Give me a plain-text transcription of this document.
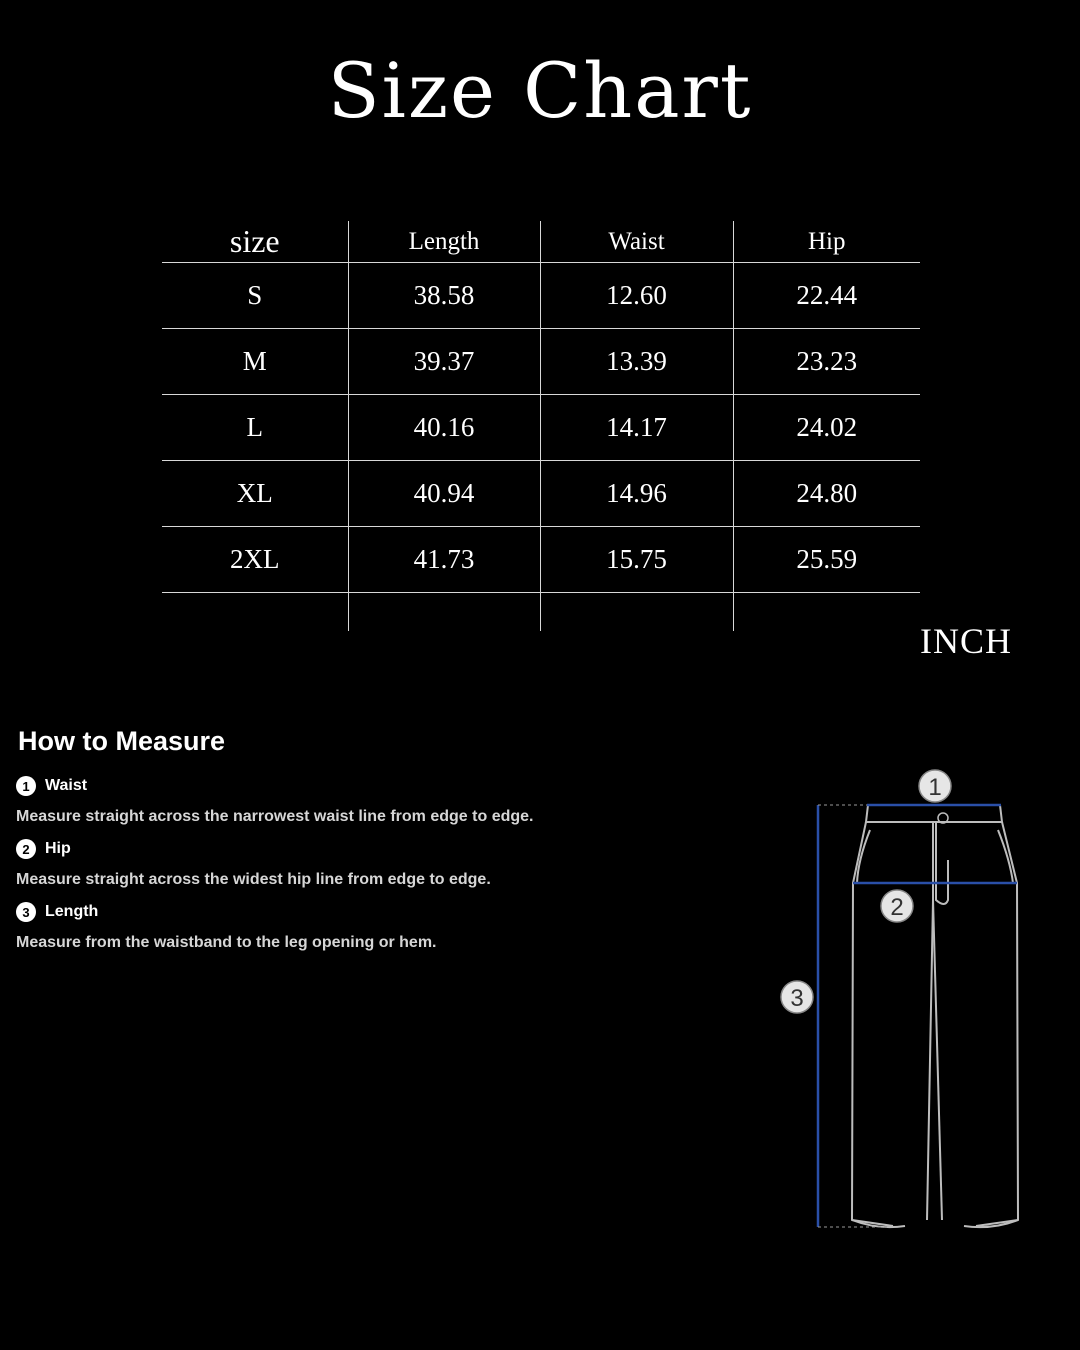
Size Chart
size	Length	Waist	Hip
S	38.58	12.60	22.44
M	39.37	13.39	23.23
L	40.16	14.17	24.02
XL	40.94	14.96	24.80
2XL	41.73	15.75	25.59

INCH
How to Measure
1 Waist
Measure straight across the narrowest waist line from edge to edge.
2 Hip
Measure straight across the widest hip line from edge to edge.
3 Length
Measure from the waistband to the leg opening or hem.
1
2
3
